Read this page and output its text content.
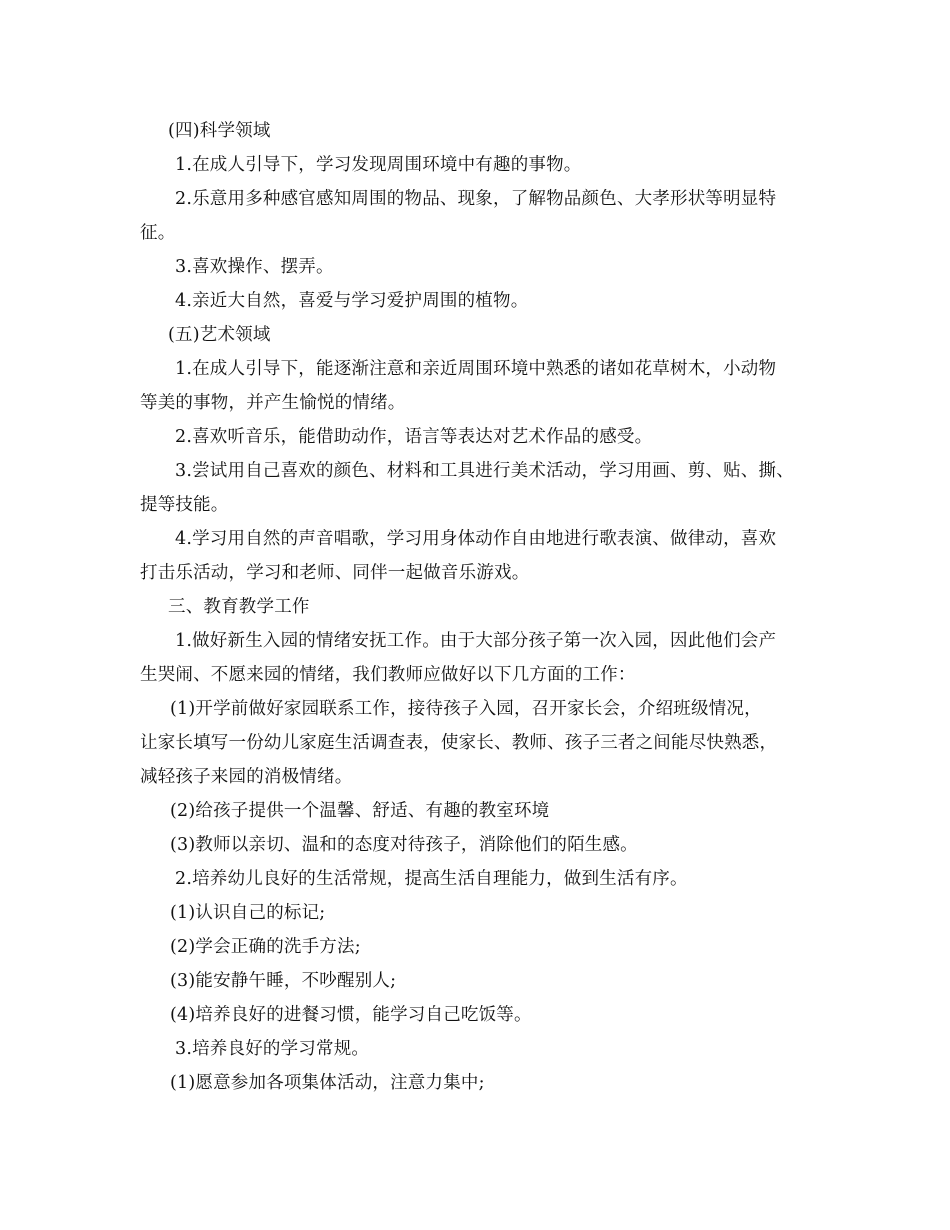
(四)科学领域
1.在成人引导下，学习发现周围环境中有趣的事物。
2.乐意用多种感官感知周围的物品、现象，了解物品颜色、大孝形状等明显特
征。
3.喜欢操作、摆弄。
4.亲近大自然，喜爱与学习爱护周围的植物。
(五)艺术领域
1.在成人引导下，能逐渐注意和亲近周围环境中熟悉的诸如花草树木，小动物
等美的事物，并产生愉悦的情绪。
2.喜欢听音乐，能借助动作，语言等表达对艺术作品的感受。
3.尝试用自己喜欢的颜色、材料和工具进行美术活动，学习用画、剪、贴、撕、
提等技能。
4.学习用自然的声音唱歌，学习用身体动作自由地进行歌表演、做律动，喜欢
打击乐活动，学习和老师、同伴一起做音乐游戏。
三、教育教学工作
1.做好新生入园的情绪安抚工作。由于大部分孩子第一次入园，因此他们会产
生哭闹、不愿来园的情绪，我们教师应做好以下几方面的工作：
(1)开学前做好家园联系工作，接待孩子入园，召开家长会，介绍班级情况，
让家长填写一份幼儿家庭生活调查表，使家长、教师、孩子三者之间能尽快熟悉，
减轻孩子来园的消极情绪。
(2)给孩子提供一个温馨、舒适、有趣的教室环境
(3)教师以亲切、温和的态度对待孩子，消除他们的陌生感。
2.培养幼儿良好的生活常规，提高生活自理能力，做到生活有序。
(1)认识自己的标记;
(2)学会正确的洗手方法;
(3)能安静午睡，不吵醒别人;
(4)培养良好的进餐习惯，能学习自己吃饭等。
3.培养良好的学习常规。
(1)愿意参加各项集体活动，注意力集中;
